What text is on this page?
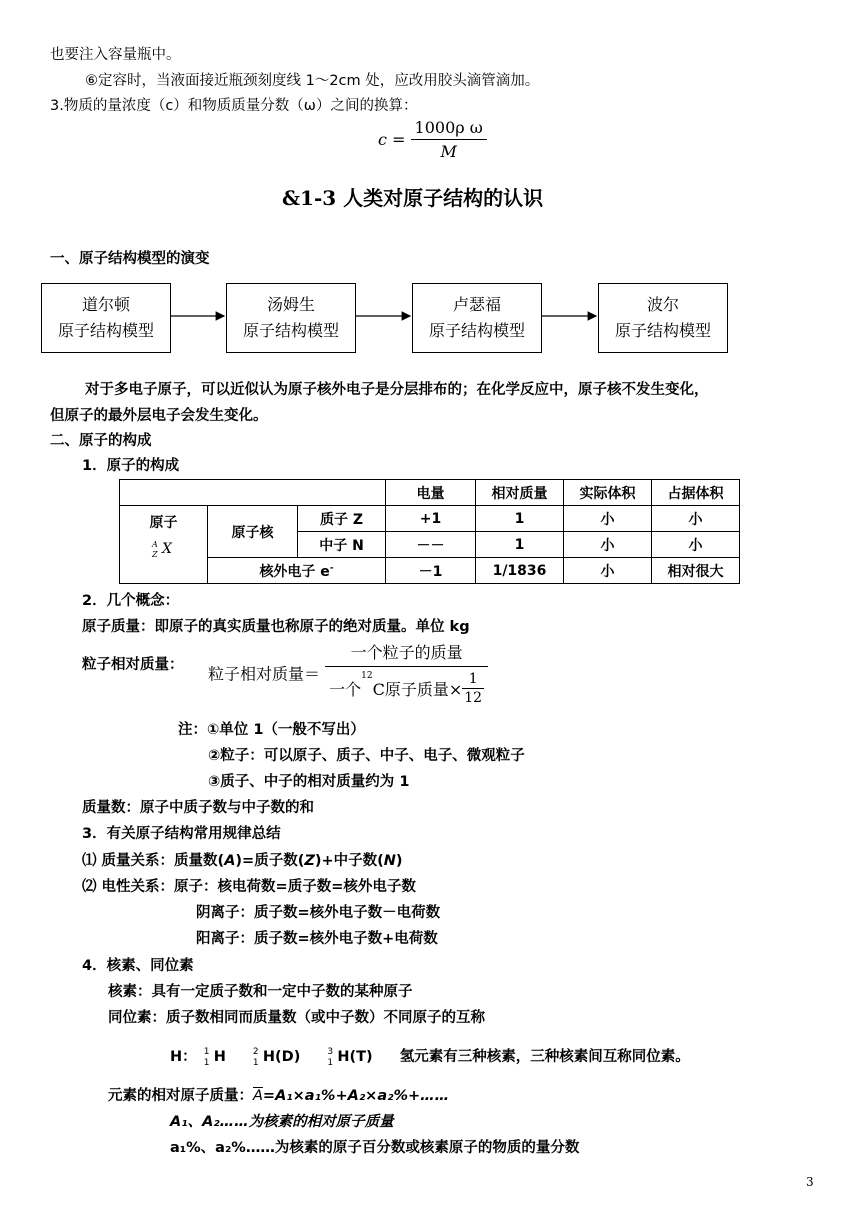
也要注入容量瓶中。
⑥定容时，当液面接近瓶颈刻度线 1～2cm 处，应改用胶头滴管滴加。
3.物质的量浓度（c）和物质质量分数（ω）之间的换算：
$c = \frac{\text{1000ρ ω}}{M}$
&1-3 人类对原子结构的认识
一、原子结构模型的演变
道尔顿
原子结构模型
汤姆生
原子结构模型
卢瑟福
原子结构模型
波尔
原子结构模型
对于多电子原子，可以近似认为原子核外电子是分层排布的；在化学反应中，原子核不发生变化，
但原子的最外层电子会发生变化。
二、原子的构成
1．原子的构成
			电量	相对质量	实际体积	占据体积

原子
A
Z X	原子核	质子 Z	+1	1	小	小
		中子 N	－－	1	小	小
	核外电子 e-		－1	1/1836	小	相对很大
2．几个概念：
原子质量：即原子的真实质量也称原子的绝对质量。单位 kg
粒子相对质量： 粒子相对质量＝ $\frac{\text{一个粒子的质量}}{一个^{12}C原子质量\times \frac{1}{12}}$
注：①单位 1（一般不写出）
②粒子：可以原子、质子、中子、电子、微观粒子
③质子、中子的相对质量约为 1
质量数：原子中质子数与中子数的和
3．有关原子结构常用规律总结
⑴ 质量关系：质量数(A)=质子数(Z)+中子数(N)
⑵ 电性关系：原子：核电荷数=质子数=核外电子数
阴离子：质子数=核外电子数－电荷数
阳离子：质子数=核外电子数+电荷数
4．核素、同位素
核素：具有一定质子数和一定中子数的某种原子
同位素：质子数相同而质量数（或中子数）不同原子的互称
H： 1
1 H	2
1 H(D)	3
1 H(T) 氢元素有三种核素，三种核素间互称同位素。
元素的相对原子质量：$\overline{A}=A_1\times a_1\%+A_2\times a_2\%+\dots\dots$
A₁、A₂……为核素的相对原子质量
a₁%、a₂%……为核素的原子百分数或核素原子的物质的量分数
3
